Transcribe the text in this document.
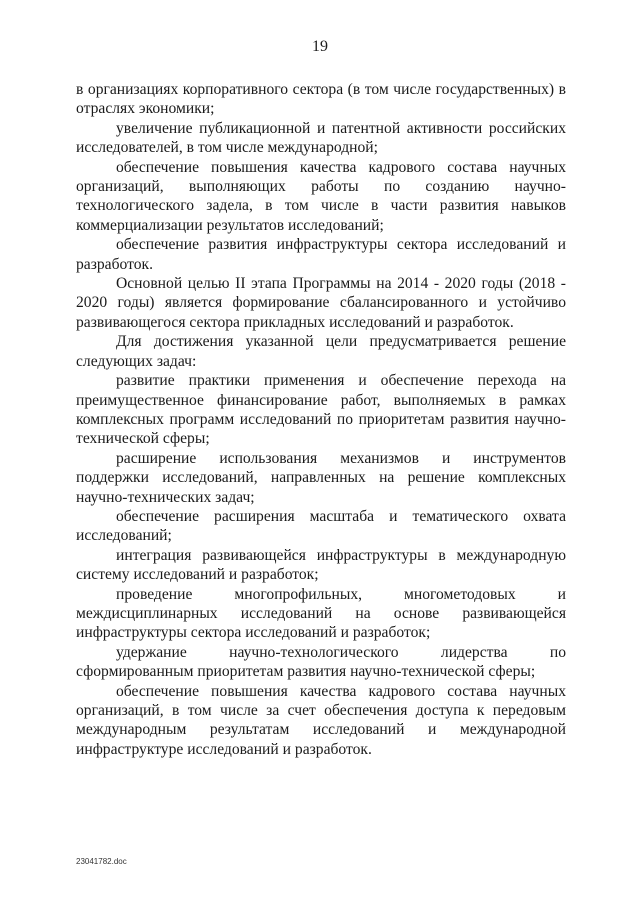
19

в организациях корпоративного сектора (в том числе государственных) в отраслях экономики;

увеличение публикационной и патентной активности российских исследователей, в том числе международной;

обеспечение повышения качества кадрового состава научных организаций, выполняющих работы по созданию научно-технологического задела, в том числе в части развития навыков коммерциализации результатов исследований;

обеспечение развития инфраструктуры сектора исследований и разработок.

Основной целью II этапа Программы на 2014 - 2020 годы (2018 - 2020 годы) является формирование сбалансированного и устойчиво развивающегося сектора прикладных исследований и разработок.

Для достижения указанной цели предусматривается решение следующих задач:

развитие практики применения и обеспечение перехода на преимущественное финансирование работ, выполняемых в рамках комплексных программ исследований по приоритетам развития научно-технической сферы;

расширение использования механизмов и инструментов поддержки исследований, направленных на решение комплексных научно-технических задач;

обеспечение расширения масштаба и тематического охвата исследований;

интеграция развивающейся инфраструктуры в международную систему исследований и разработок;

проведение многопрофильных, многометодовых и междисциплинарных исследований на основе развивающейся инфраструктуры сектора исследований и разработок;

удержание научно-технологического лидерства по сформированным приоритетам развития научно-технической сферы;

обеспечение повышения качества кадрового состава научных организаций, в том числе за счет обеспечения доступа к передовым международным результатам исследований и международной инфраструктуре исследований и разработок.

23041782.doc
